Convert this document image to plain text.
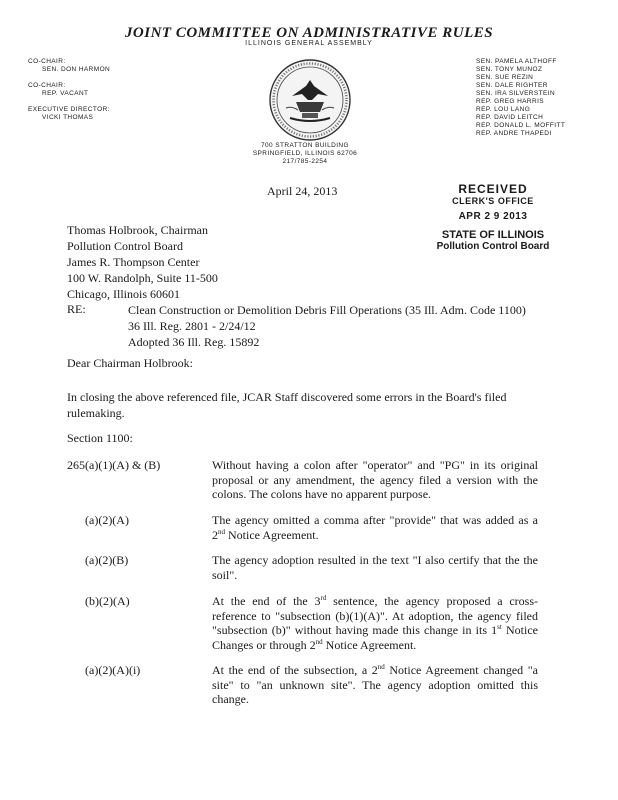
JOINT COMMITTEE ON ADMINISTRATIVE RULES
ILLINOIS GENERAL ASSEMBLY
CO-CHAIR:
SEN. DON HARMON
CO-CHAIR:
REP. VACANT
EXECUTIVE DIRECTOR:
VICKI THOMAS
SEN. PAMELA ALTHOFF
SEN. TONY MUNOZ
SEN. SUE REZIN
SEN. DALE RIGHTER
SEN. IRA SILVERSTEIN
REP. GREG HARRIS
REP. LOU LANG
REP. DAVID LEITCH
REP. DONALD L. MOFFITT
REP. ANDRE THAPEDI
700 STRATTON BUILDING
SPRINGFIELD, ILLINOIS 62706
217/785-2254
April 24, 2013	RECEIVED
CLERK'S OFFICE
APR 2 9 2013
STATE OF ILLINOIS
Pollution Control Board
Thomas Holbrook, Chairman
Pollution Control Board
James R. Thompson Center
100 W. Randolph, Suite 11-500
Chicago, Illinois 60601
RE:	Clean Construction or Demolition Debris Fill Operations (35 Ill. Adm. Code 1100)
36 Ill. Reg. 2801 - 2/24/12
Adopted 36 Ill. Reg. 15892
Dear Chairman Holbrook:
In closing the above referenced file, JCAR Staff discovered some errors in the Board's filed rulemaking.
Section 1100:
265(a)(1)(A) & (B)	Without having a colon after "operator" and "PG" in its original proposal or any amendment, the agency filed a version with the colons. The colons have no apparent purpose.
(a)(2)(A)	The agency omitted a comma after "provide" that was added as a 2nd Notice Agreement.
(a)(2)(B)	The agency adoption resulted in the text "I also certify that the the soil".
(b)(2)(A)	At the end of the 3rd sentence, the agency proposed a cross-reference to "subsection (b)(1)(A)". At adoption, the agency filed "subsection (b)" without having made this change in its 1st Notice Changes or through 2nd Notice Agreement.
(a)(2)(A)(i)	At the end of the subsection, a 2nd Notice Agreement changed "a site" to "an unknown site". The agency adoption omitted this change.
